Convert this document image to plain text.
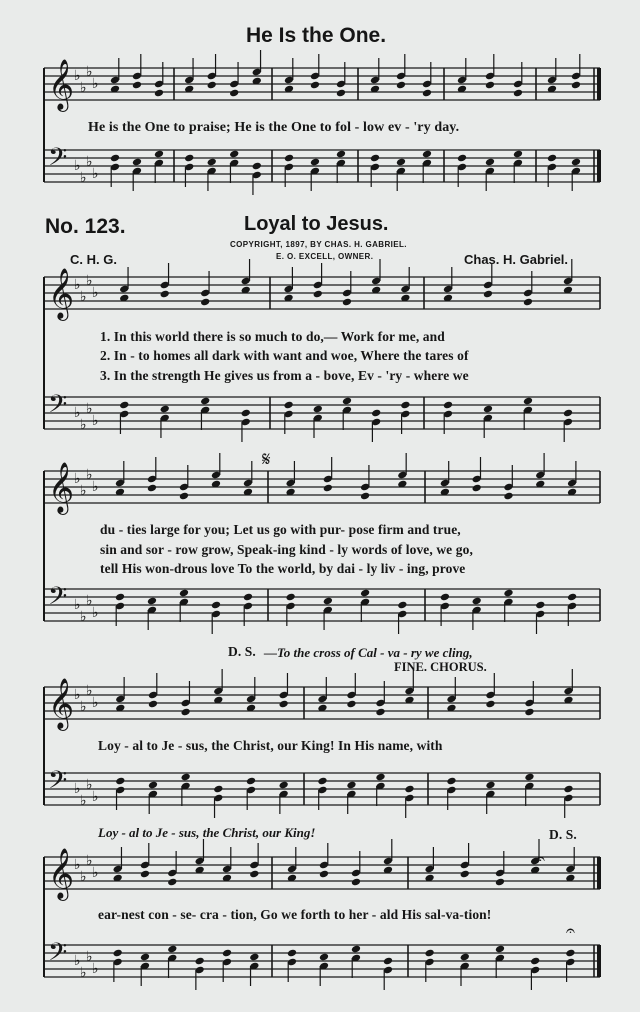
𝄞 ♭
♭
♭
♭
𝄢 ♭
♭
♭
♭
𝄞 ♭
♭
♭
♭
𝄢 ♭
♭
♭
♭
𝄞 ♭
♭
♭
♭
𝄢 ♭
♭
♭
♭
𝄞 ♭
♭
♭
♭
𝄢 ♭
♭
♭
♭
𝄞 ♭
♭
♭
♭
𝄢 ♭
♭
♭
♭
𝄋
𝄐
𝄐
He Is the One.
He is the One to praise; He is the One to fol - low ev - 'ry day.
No. 123.	Loyal to Jesus.
COPYRIGHT, 1897, BY CHAS. H. GABRIEL.
E. O. EXCELL, OWNER.
C. H. G.	Chas. H. Gabriel.
1. In this world there is so much to do,— Work for me, and
2. In - to homes all dark with want and woe, Where the tares of
3. In the strength He gives us from a - bove, Ev - 'ry - where we
du - ties large for you; Let us go with pur- pose firm and true,
sin and sor - row grow, Speak-ing kind - ly words of love, we go,
tell His won-drous love To the world, by dai - ly liv - ing, prove
D. S. —To the cross of Cal - va - ry we cling,
FINE. CHORUS.
Loy - al to Je - sus, the Christ, our King! In His name, with
Loy - al to Je - sus, the Christ, our King!	D. S.
ear-nest con - se- cra - tion, Go we forth to her - ald His sal-va-tion!
